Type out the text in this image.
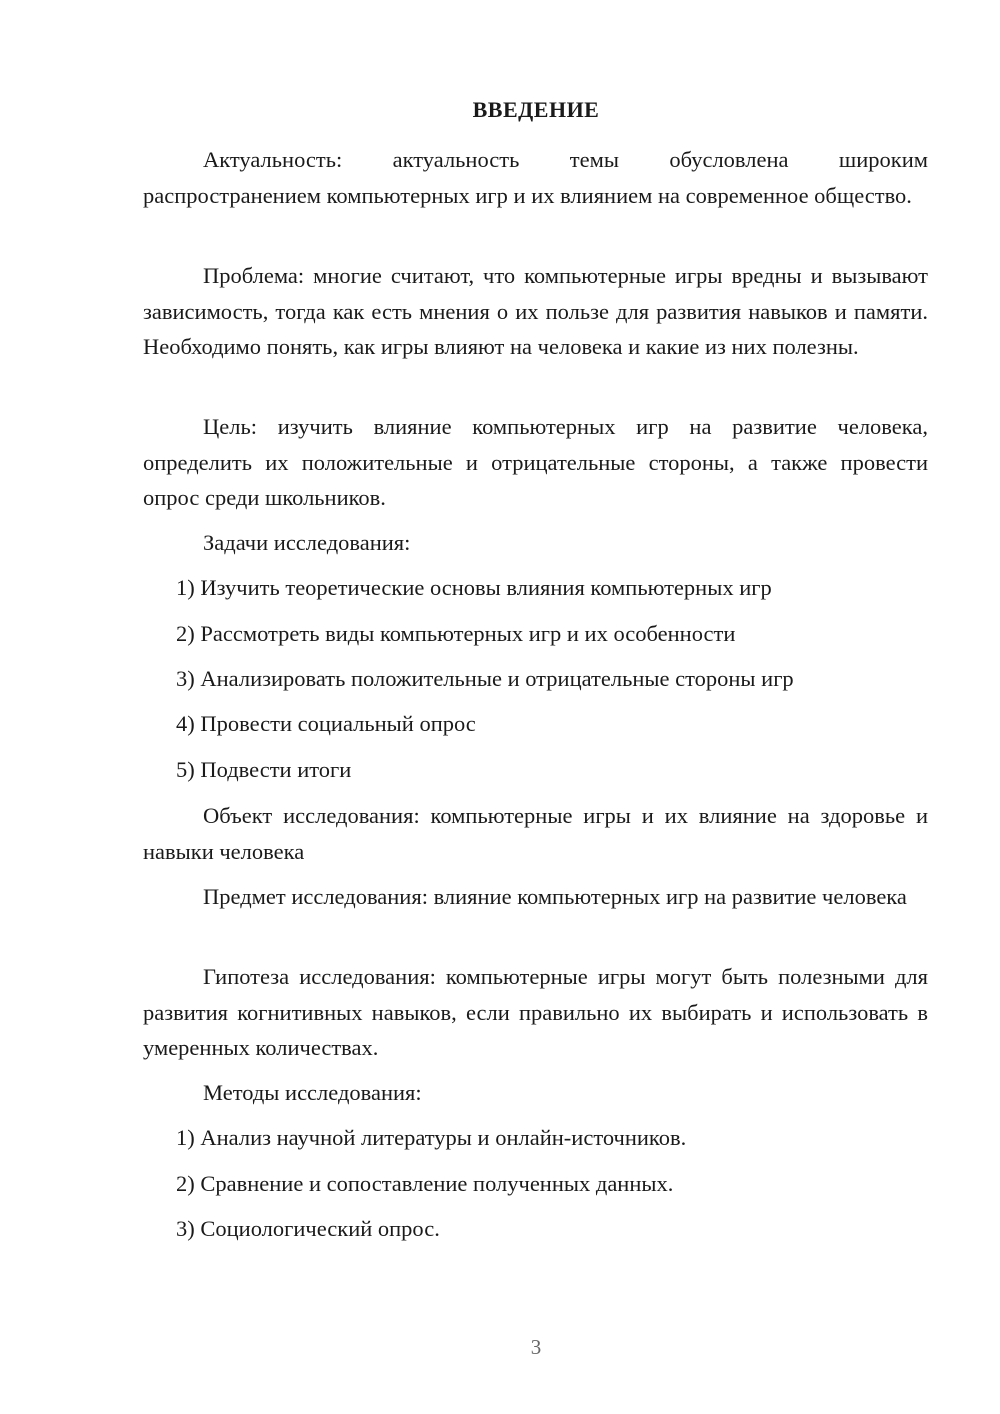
ВВЕДЕНИЕ

Актуальность: актуальность темы обусловлена широким распространением компьютерных игр и их влиянием на современное общество.

Проблема: многие считают, что компьютерные игры вредны и вызывают зависимость, тогда как есть мнения о их пользе для развития навыков и памяти. Необходимо понять, как игры влияют на человека и какие из них полезны.

Цель: изучить влияние компьютерных игр на развитие человека, определить их положительные и отрицательные стороны, а также провести опрос среди школьников.

Задачи исследования:

1) Изучить теоретические основы влияния компьютерных игр

2) Рассмотреть виды компьютерных игр и их особенности

3) Анализировать положительные и отрицательные стороны игр

4) Провести социальный опрос

5) Подвести итоги

Объект исследования: компьютерные игры и их влияние на здоровье и навыки человека

Предмет исследования: влияние компьютерных игр на развитие человека

Гипотеза исследования: компьютерные игры могут быть полезными для развития когнитивных навыков, если правильно их выбирать и использовать в умеренных количествах.

Методы исследования:

1) Анализ научной литературы и онлайн-источников.

2) Сравнение и сопоставление полученных данных.

3) Социологический опрос.

3
